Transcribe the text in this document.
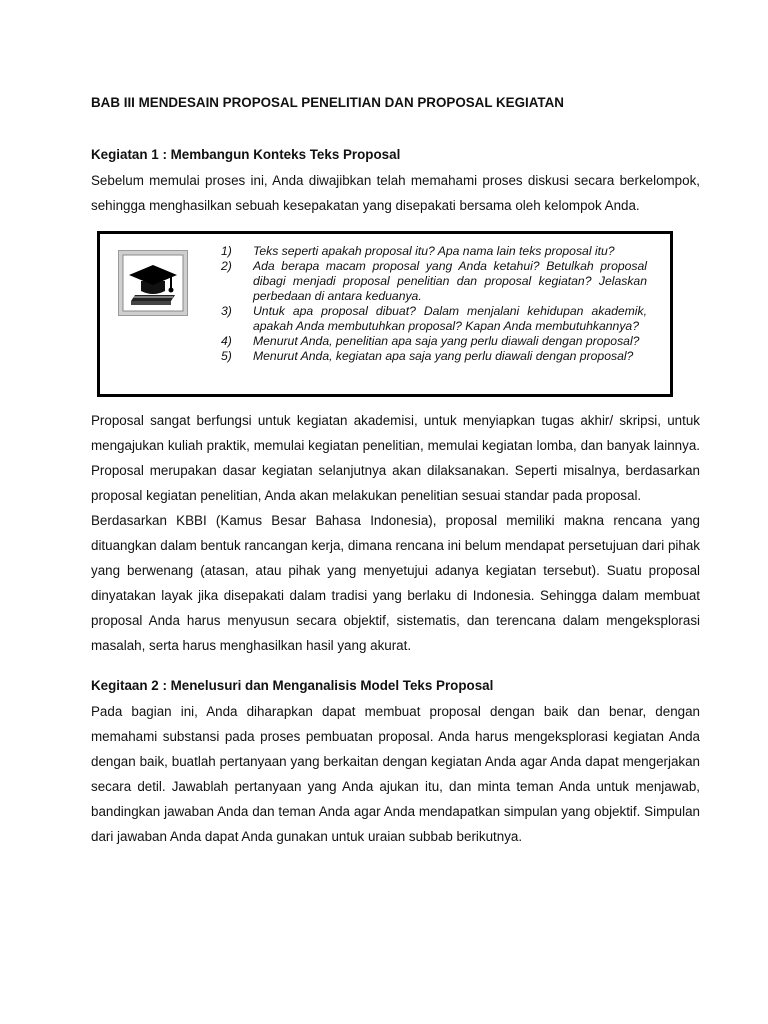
BAB III MENDESAIN PROPOSAL PENELITIAN DAN PROPOSAL KEGIATAN
Kegiatan 1 : Membangun Konteks Teks Proposal

Sebelum memulai proses ini, Anda diwajibkan telah memahami proses diskusi secara berkelompok, sehingga menghasilkan sebuah kesepakatan yang disepakati bersama oleh kelompok Anda.

1) Teks seperti apakah proposal itu? Apa nama lain teks proposal itu?
2) Ada berapa macam proposal yang Anda ketahui? Betulkah proposal dibagi menjadi proposal penelitian dan proposal kegiatan? Jelaskan perbedaan di antara keduanya.
3) Untuk apa proposal dibuat? Dalam menjalani kehidupan akademik, apakah Anda membutuhkan proposal? Kapan Anda membutuhkannya?
4) Menurut Anda, penelitian apa saja yang perlu diawali dengan proposal?
5) Menurut Anda, kegiatan apa saja yang perlu diawali dengan proposal?

Proposal sangat berfungsi untuk kegiatan akademisi, untuk menyiapkan tugas akhir/ skripsi, untuk mengajukan kuliah praktik, memulai kegiatan penelitian, memulai kegiatan lomba, dan banyak lainnya. Proposal merupakan dasar kegiatan selanjutnya akan dilaksanakan. Seperti misalnya, berdasarkan proposal kegiatan penelitian, Anda akan melakukan penelitian sesuai standar pada proposal.

Berdasarkan KBBI (Kamus Besar Bahasa Indonesia), proposal memiliki makna rencana yang dituangkan dalam bentuk rancangan kerja, dimana rencana ini belum mendapat persetujuan dari pihak yang berwenang (atasan, atau pihak yang menyetujui adanya kegiatan tersebut). Suatu proposal dinyatakan layak jika disepakati dalam tradisi yang berlaku di Indonesia. Sehingga dalam membuat proposal Anda harus menyusun secara objektif, sistematis, dan terencana dalam mengeksplorasi masalah, serta harus menghasilkan hasil yang akurat.

Kegitaan 2 : Menelusuri dan Menganalisis Model Teks Proposal

Pada bagian ini, Anda diharapkan dapat membuat proposal dengan baik dan benar, dengan memahami substansi pada proses pembuatan proposal. Anda harus mengeksplorasi kegiatan Anda dengan baik, buatlah pertanyaan yang berkaitan dengan kegiatan Anda agar Anda dapat mengerjakan secara detil. Jawablah pertanyaan yang Anda ajukan itu, dan minta teman Anda untuk menjawab, bandingkan jawaban Anda dan teman Anda agar Anda mendapatkan simpulan yang objektif. Simpulan dari jawaban Anda dapat Anda gunakan untuk uraian subbab berikutnya.
